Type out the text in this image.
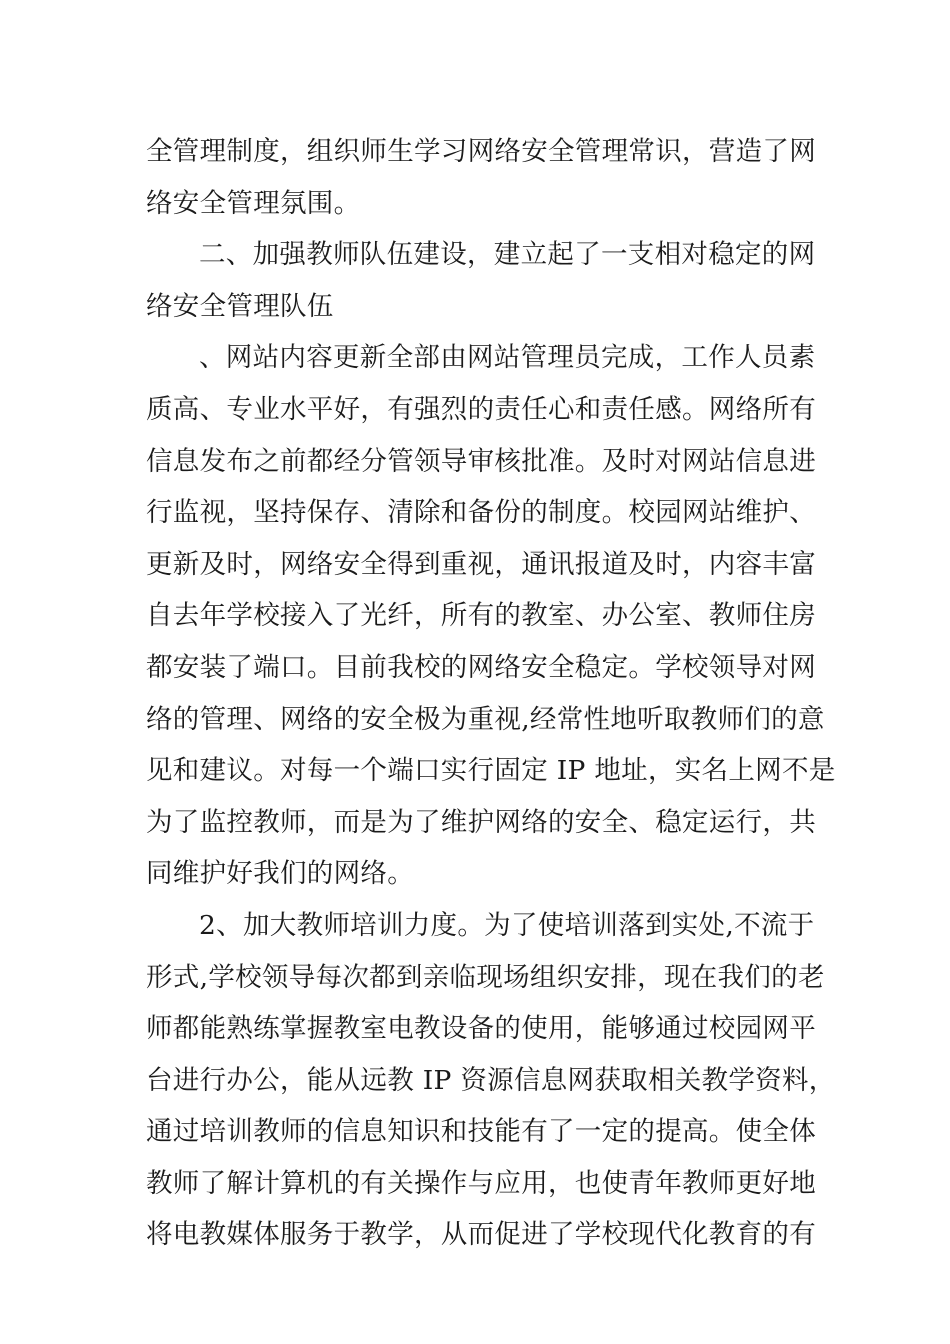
全管理制度，组织师生学习网络安全管理常识，营造了网
络安全管理氛围。
二、加强教师队伍建设，建立起了一支相对稳定的网
络安全管理队伍
、网站内容更新全部由网站管理员完成，工作人员素
质高、专业水平好，有强烈的责任心和责任感。网络所有
信息发布之前都经分管领导审核批准。及时对网站信息进
行监视，坚持保存、清除和备份的制度。校园网站维护、
更新及时，网络安全得到重视，通讯报道及时，内容丰富
自去年学校接入了光纤，所有的教室、办公室、教师住房
都安装了端口。目前我校的网络安全稳定。学校领导对网
络的管理、网络的安全极为重视,经常性地听取教师们的意
见和建议。对每一个端口实行固定 IP 地址，实名上网不是
为了监控教师，而是为了维护网络的安全、稳定运行，共
同维护好我们的网络。
2、加大教师培训力度。为了使培训落到实处,不流于
形式,学校领导每次都到亲临现场组织安排，现在我们的老
师都能熟练掌握教室电教设备的使用，能够通过校园网平
台进行办公，能从远教 IP 资源信息网获取相关教学资料，
通过培训教师的信息知识和技能有了一定的提高。使全体
教师了解计算机的有关操作与应用，也使青年教师更好地
将电教媒体服务于教学，从而促进了学校现代化教育的有
